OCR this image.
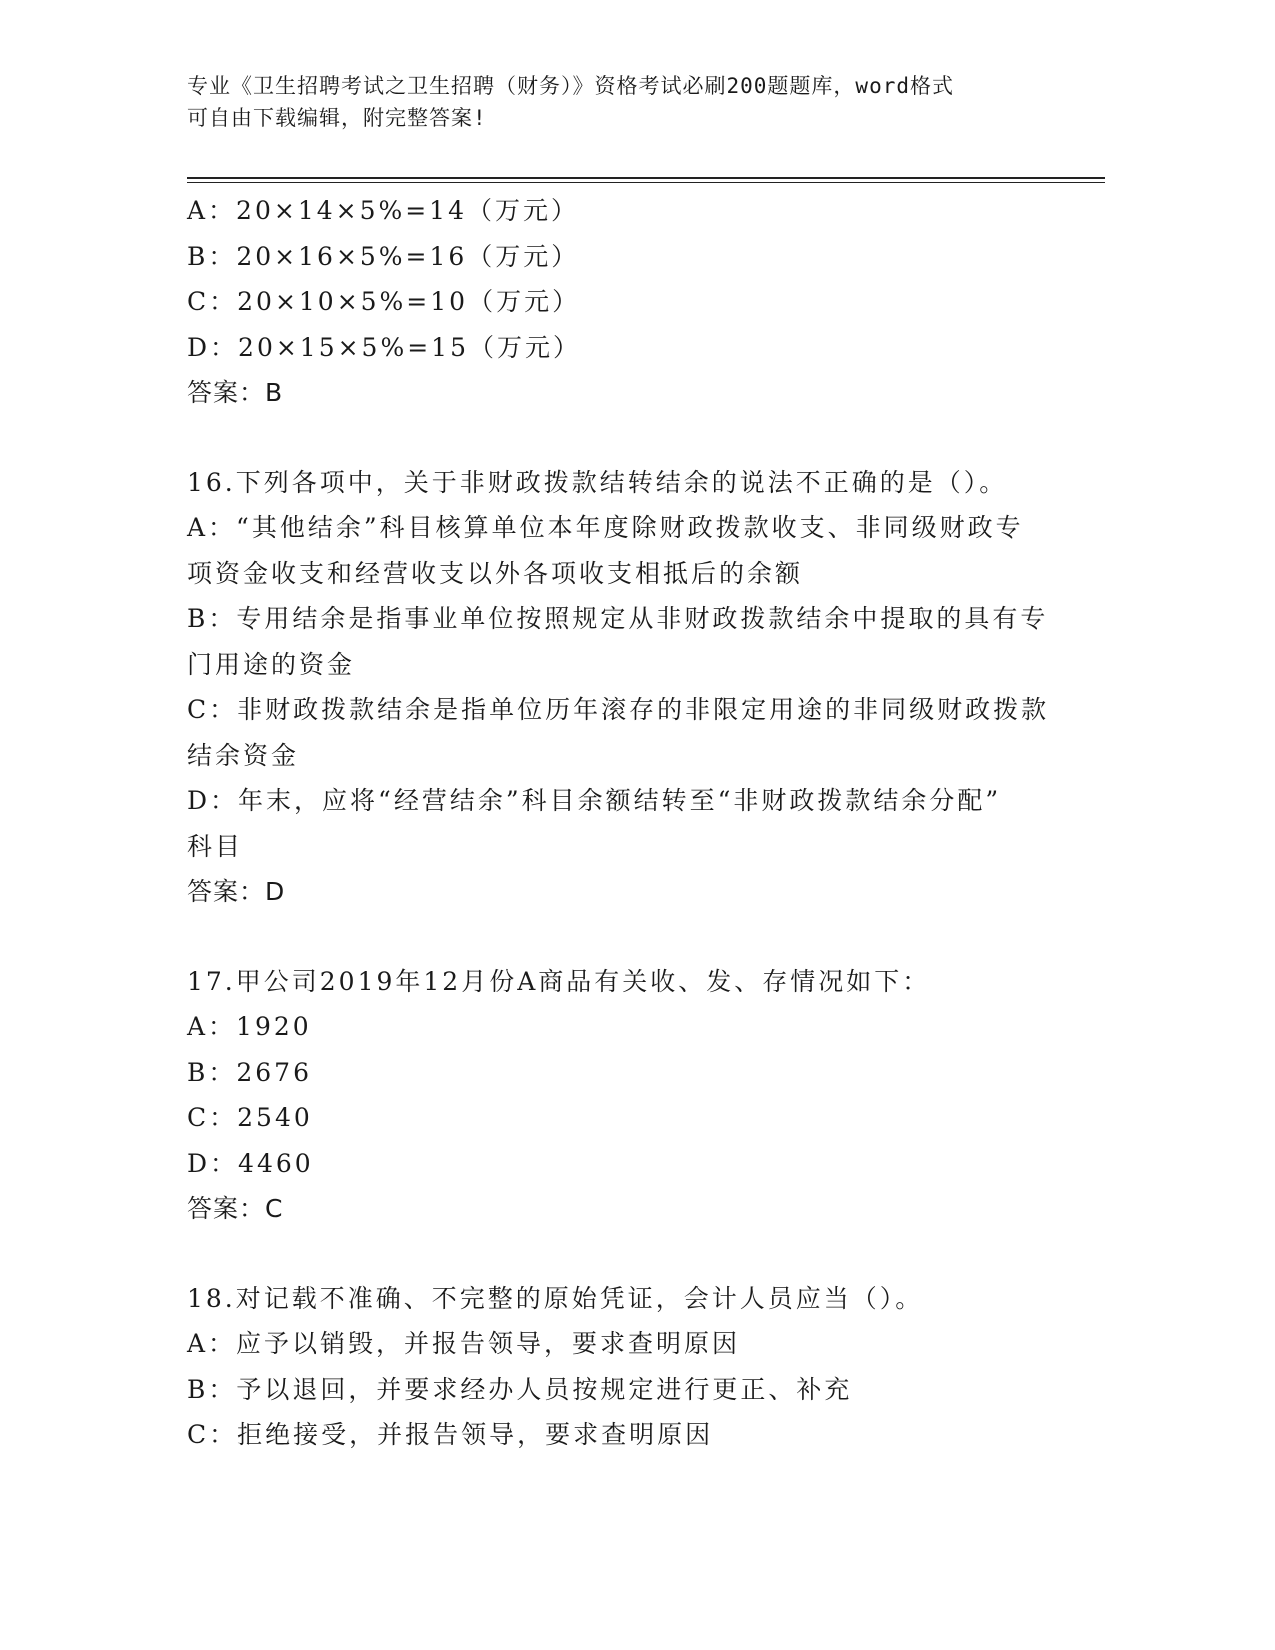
专业《卫生招聘考试之卫生招聘（财务）》资格考试必刷200题题库，word格式
可自由下载编辑，附完整答案!
A：20×14×5%=14（万元）
B：20×16×5%=16（万元）
C：20×10×5%=10（万元）
D：20×15×5%=15（万元）
答案：B
16.下列各项中，关于非财政拨款结转结余的说法不正确的是（）。
A：“其他结余”科目核算单位本年度除财政拨款收支、非同级财政专
项资金收支和经营收支以外各项收支相抵后的余额
B：专用结余是指事业单位按照规定从非财政拨款结余中提取的具有专
门用途的资金
C：非财政拨款结余是指单位历年滚存的非限定用途的非同级财政拨款
结余资金
D：年末，应将“经营结余”科目余额结转至“非财政拨款结余分配”
科目
答案：D
17.甲公司2019年12月份A商品有关收、发、存情况如下：
A：1920
B：2676
C：2540
D：4460
答案：C
18.对记载不准确、不完整的原始凭证，会计人员应当（）。
A：应予以销毁，并报告领导，要求查明原因
B：予以退回，并要求经办人员按规定进行更正、补充
C：拒绝接受，并报告领导，要求查明原因
